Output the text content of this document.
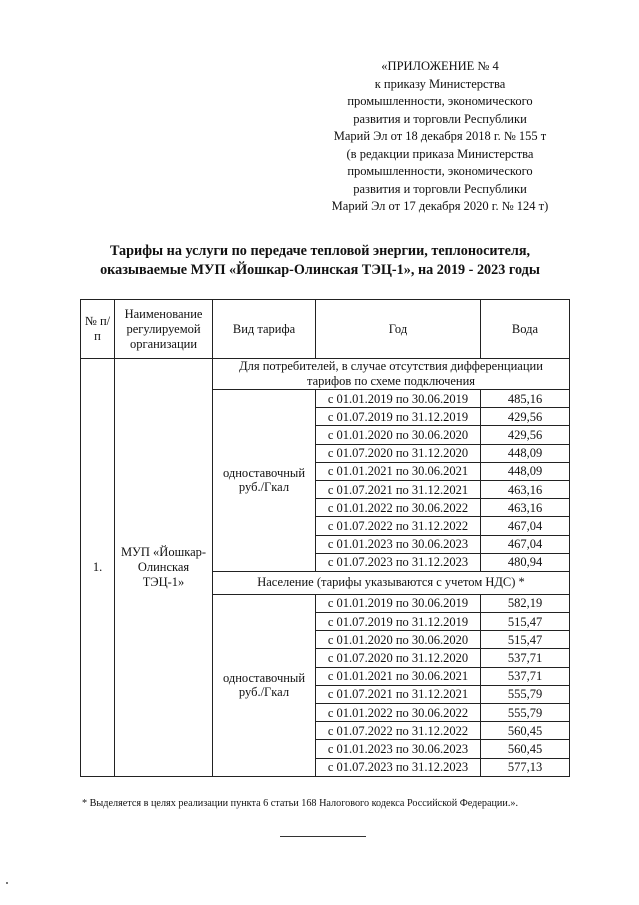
«ПРИЛОЖЕНИЕ № 4
к приказу Министерства
промышленности, экономического
развития и торговли Республики
Марий Эл от 18 декабря 2018 г. № 155 т
(в редакции приказа Министерства
промышленности, экономического
развития и торговли Республики
Марий Эл от 17 декабря 2020 г. № 124 т)
Тарифы на услуги по передаче тепловой энергии, теплоносителя,
оказываемые МУП «Йошкар-Олинская ТЭЦ-1», на 2019 - 2023 годы
№ п/п	Наименование регулируемой организации	Вид тарифа	Год	Вода
1.	МУП «Йошкар-Олинская ТЭЦ-1»	Для потребителей, в случае отсутствия дифференциации тарифов по схеме подключения		
		одноставочный руб./Гкал	с 01.01.2019 по 30.06.2019	485,16
			с 01.07.2019 по 31.12.2019	429,56
			с 01.01.2020 по 30.06.2020	429,56
			с 01.07.2020 по 31.12.2020	448,09
			с 01.01.2021 по 30.06.2021	448,09
			с 01.07.2021 по 31.12.2021	463,16
			с 01.01.2022 по 30.06.2022	463,16
			с 01.07.2022 по 31.12.2022	467,04
			с 01.01.2023 по 30.06.2023	467,04
			с 01.07.2023 по 31.12.2023	480,94
		Население (тарифы указываются с учетом НДС) *		
		одноставочный руб./Гкал	с 01.01.2019 по 30.06.2019	582,19
			с 01.07.2019 по 31.12.2019	515,47
			с 01.01.2020 по 30.06.2020	515,47
			с 01.07.2020 по 31.12.2020	537,71
			с 01.01.2021 по 30.06.2021	537,71
			с 01.07.2021 по 31.12.2021	555,79
			с 01.01.2022 по 30.06.2022	555,79
			с 01.07.2022 по 31.12.2022	560,45
			с 01.01.2023 по 30.06.2023	560,45
			с 01.07.2023 по 31.12.2023	577,13
* Выделяется в целях реализации пункта 6 статьи 168 Налогового кодекса Российской Федерации.».
